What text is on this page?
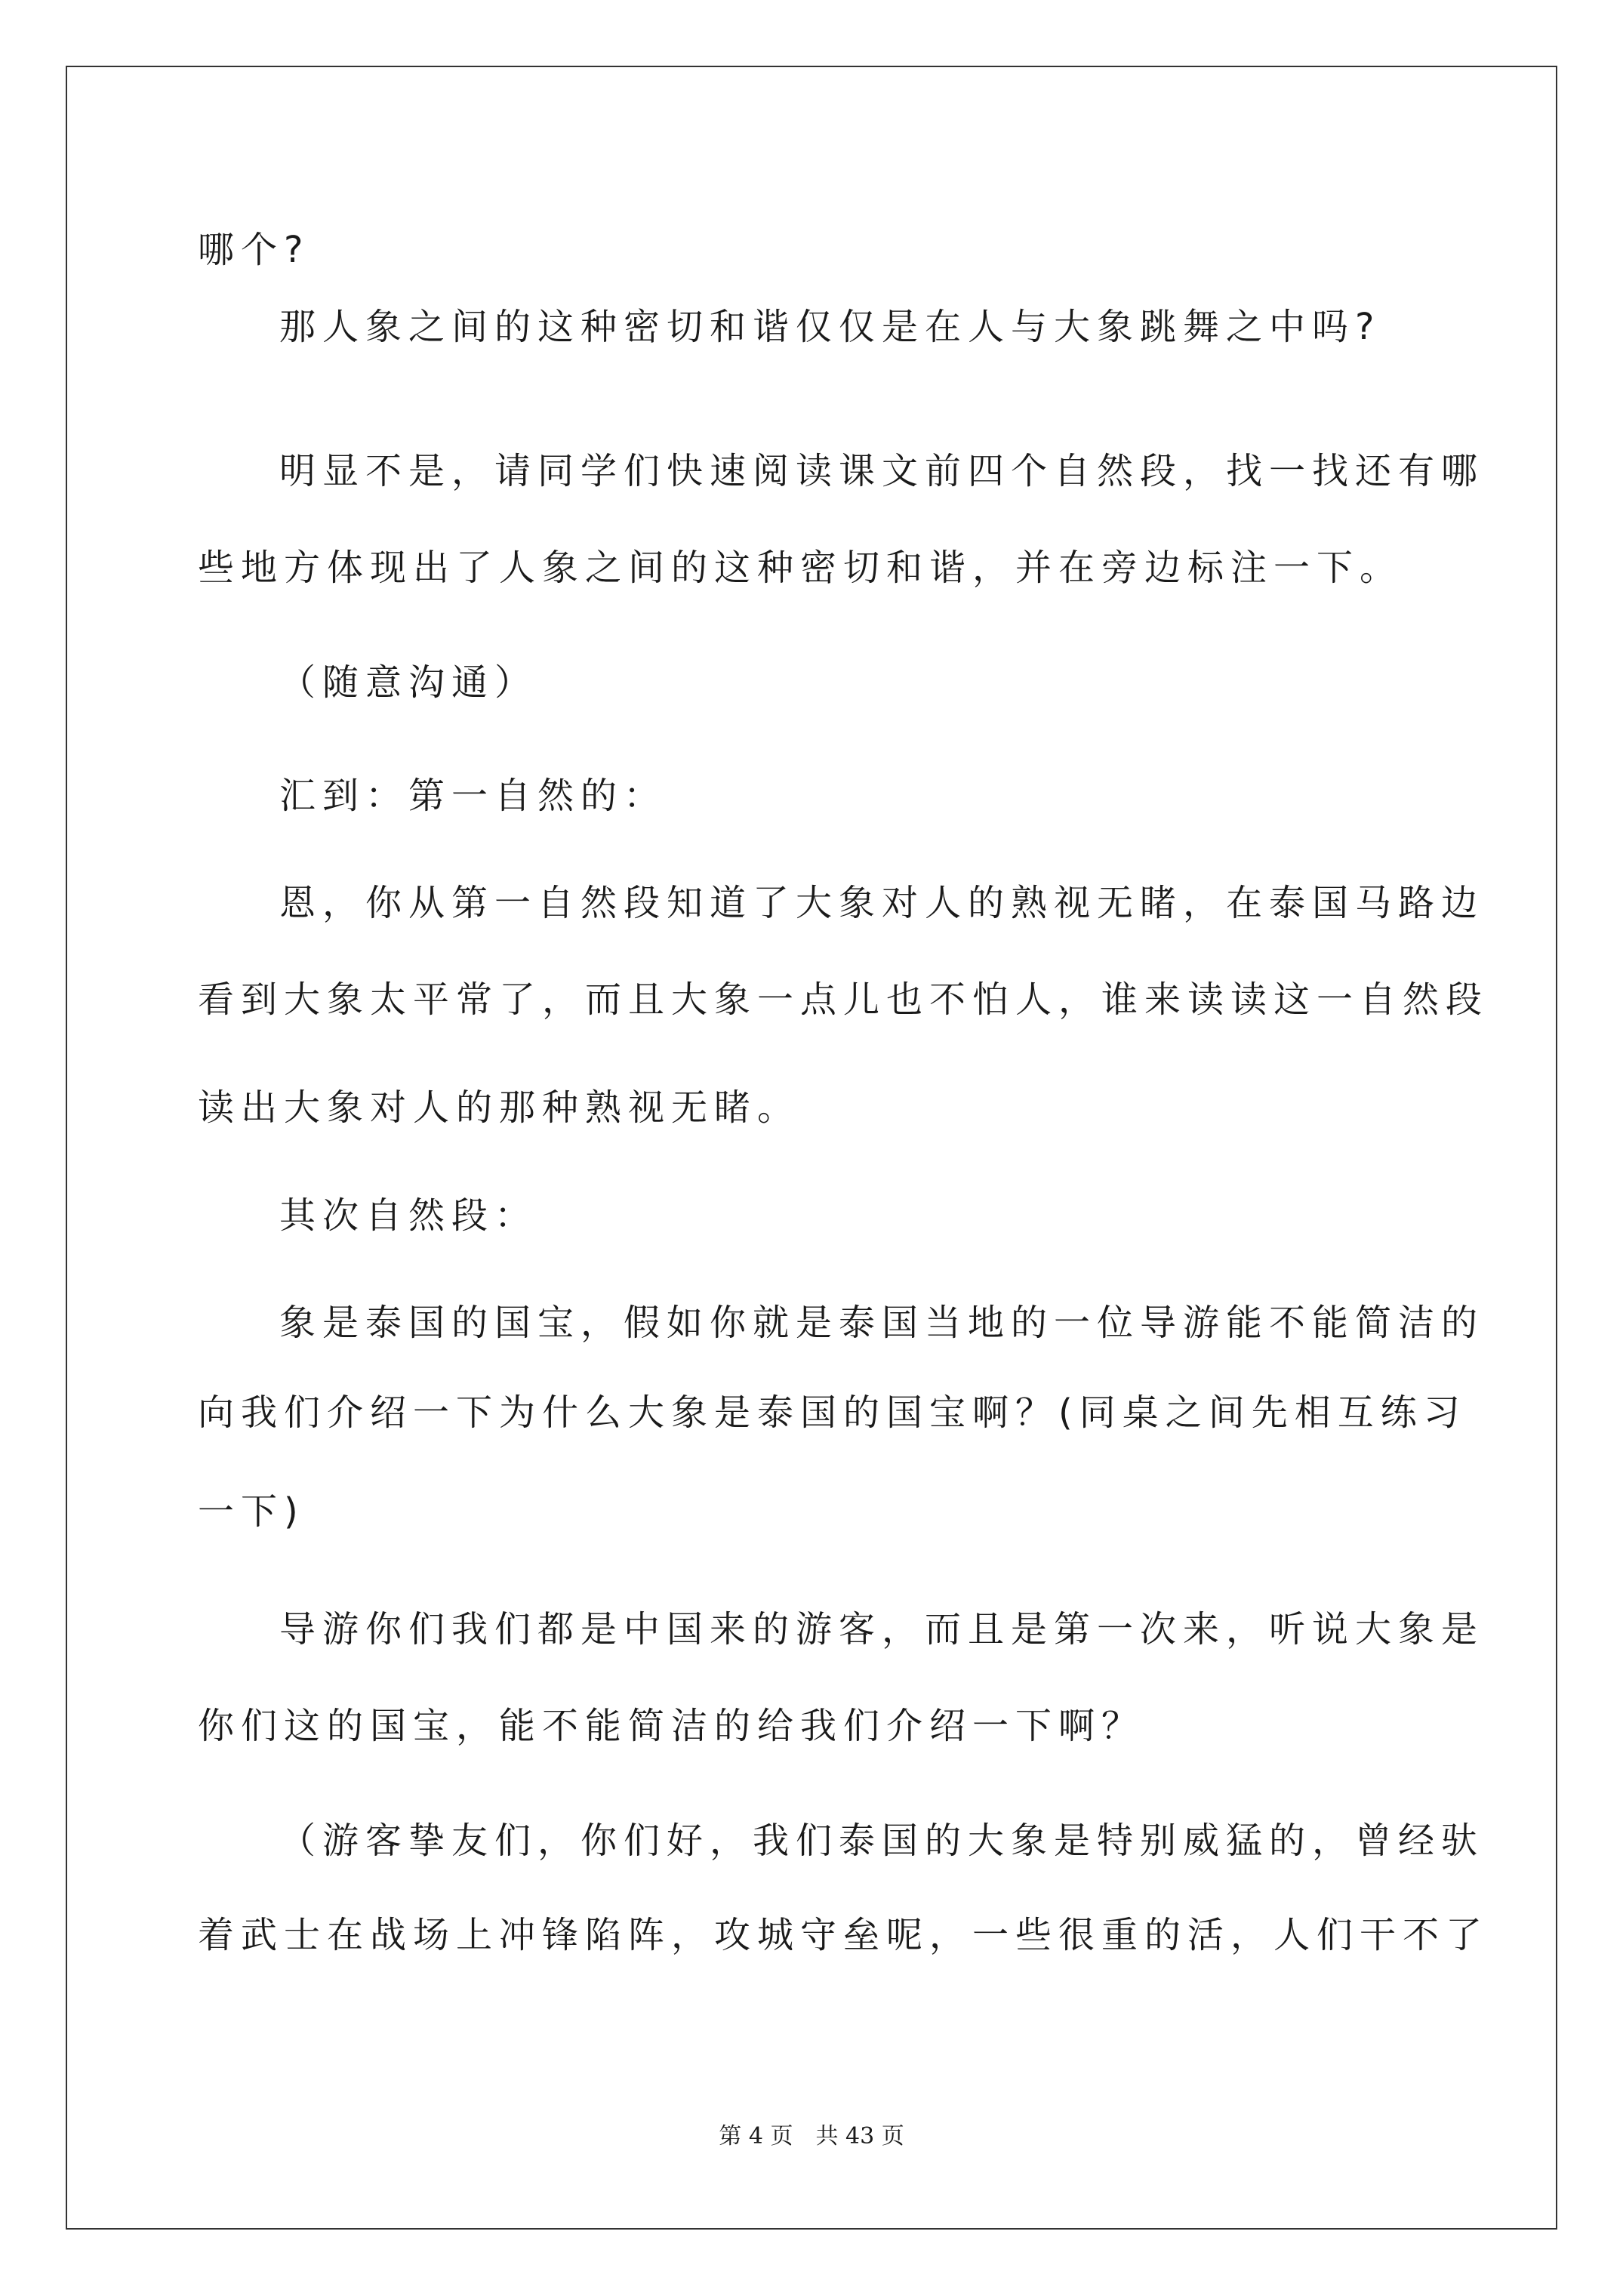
哪个?
那人象之间的这种密切和谐仅仅是在人与大象跳舞之中吗?
明显不是，请同学们快速阅读课文前四个自然段，找一找还有哪
些地方体现出了人象之间的这种密切和谐，并在旁边标注一下。
（随意沟通）
汇到：第一自然的：
恩，你从第一自然段知道了大象对人的熟视无睹，在泰国马路边
看到大象太平常了，而且大象一点儿也不怕人，谁来读读这一自然段
读出大象对人的那种熟视无睹。
其次自然段：
象是泰国的国宝，假如你就是泰国当地的一位导游能不能简洁的
向我们介绍一下为什么大象是泰国的国宝啊？(同桌之间先相互练习
一下)
导游你们我们都是中国来的游客，而且是第一次来，听说大象是
你们这的国宝，能不能简洁的给我们介绍一下啊？
（游客挚友们，你们好，我们泰国的大象是特别威猛的，曾经驮
着武士在战场上冲锋陷阵，攻城守垒呢，一些很重的活，人们干不了
第 4 页　共 43 页
